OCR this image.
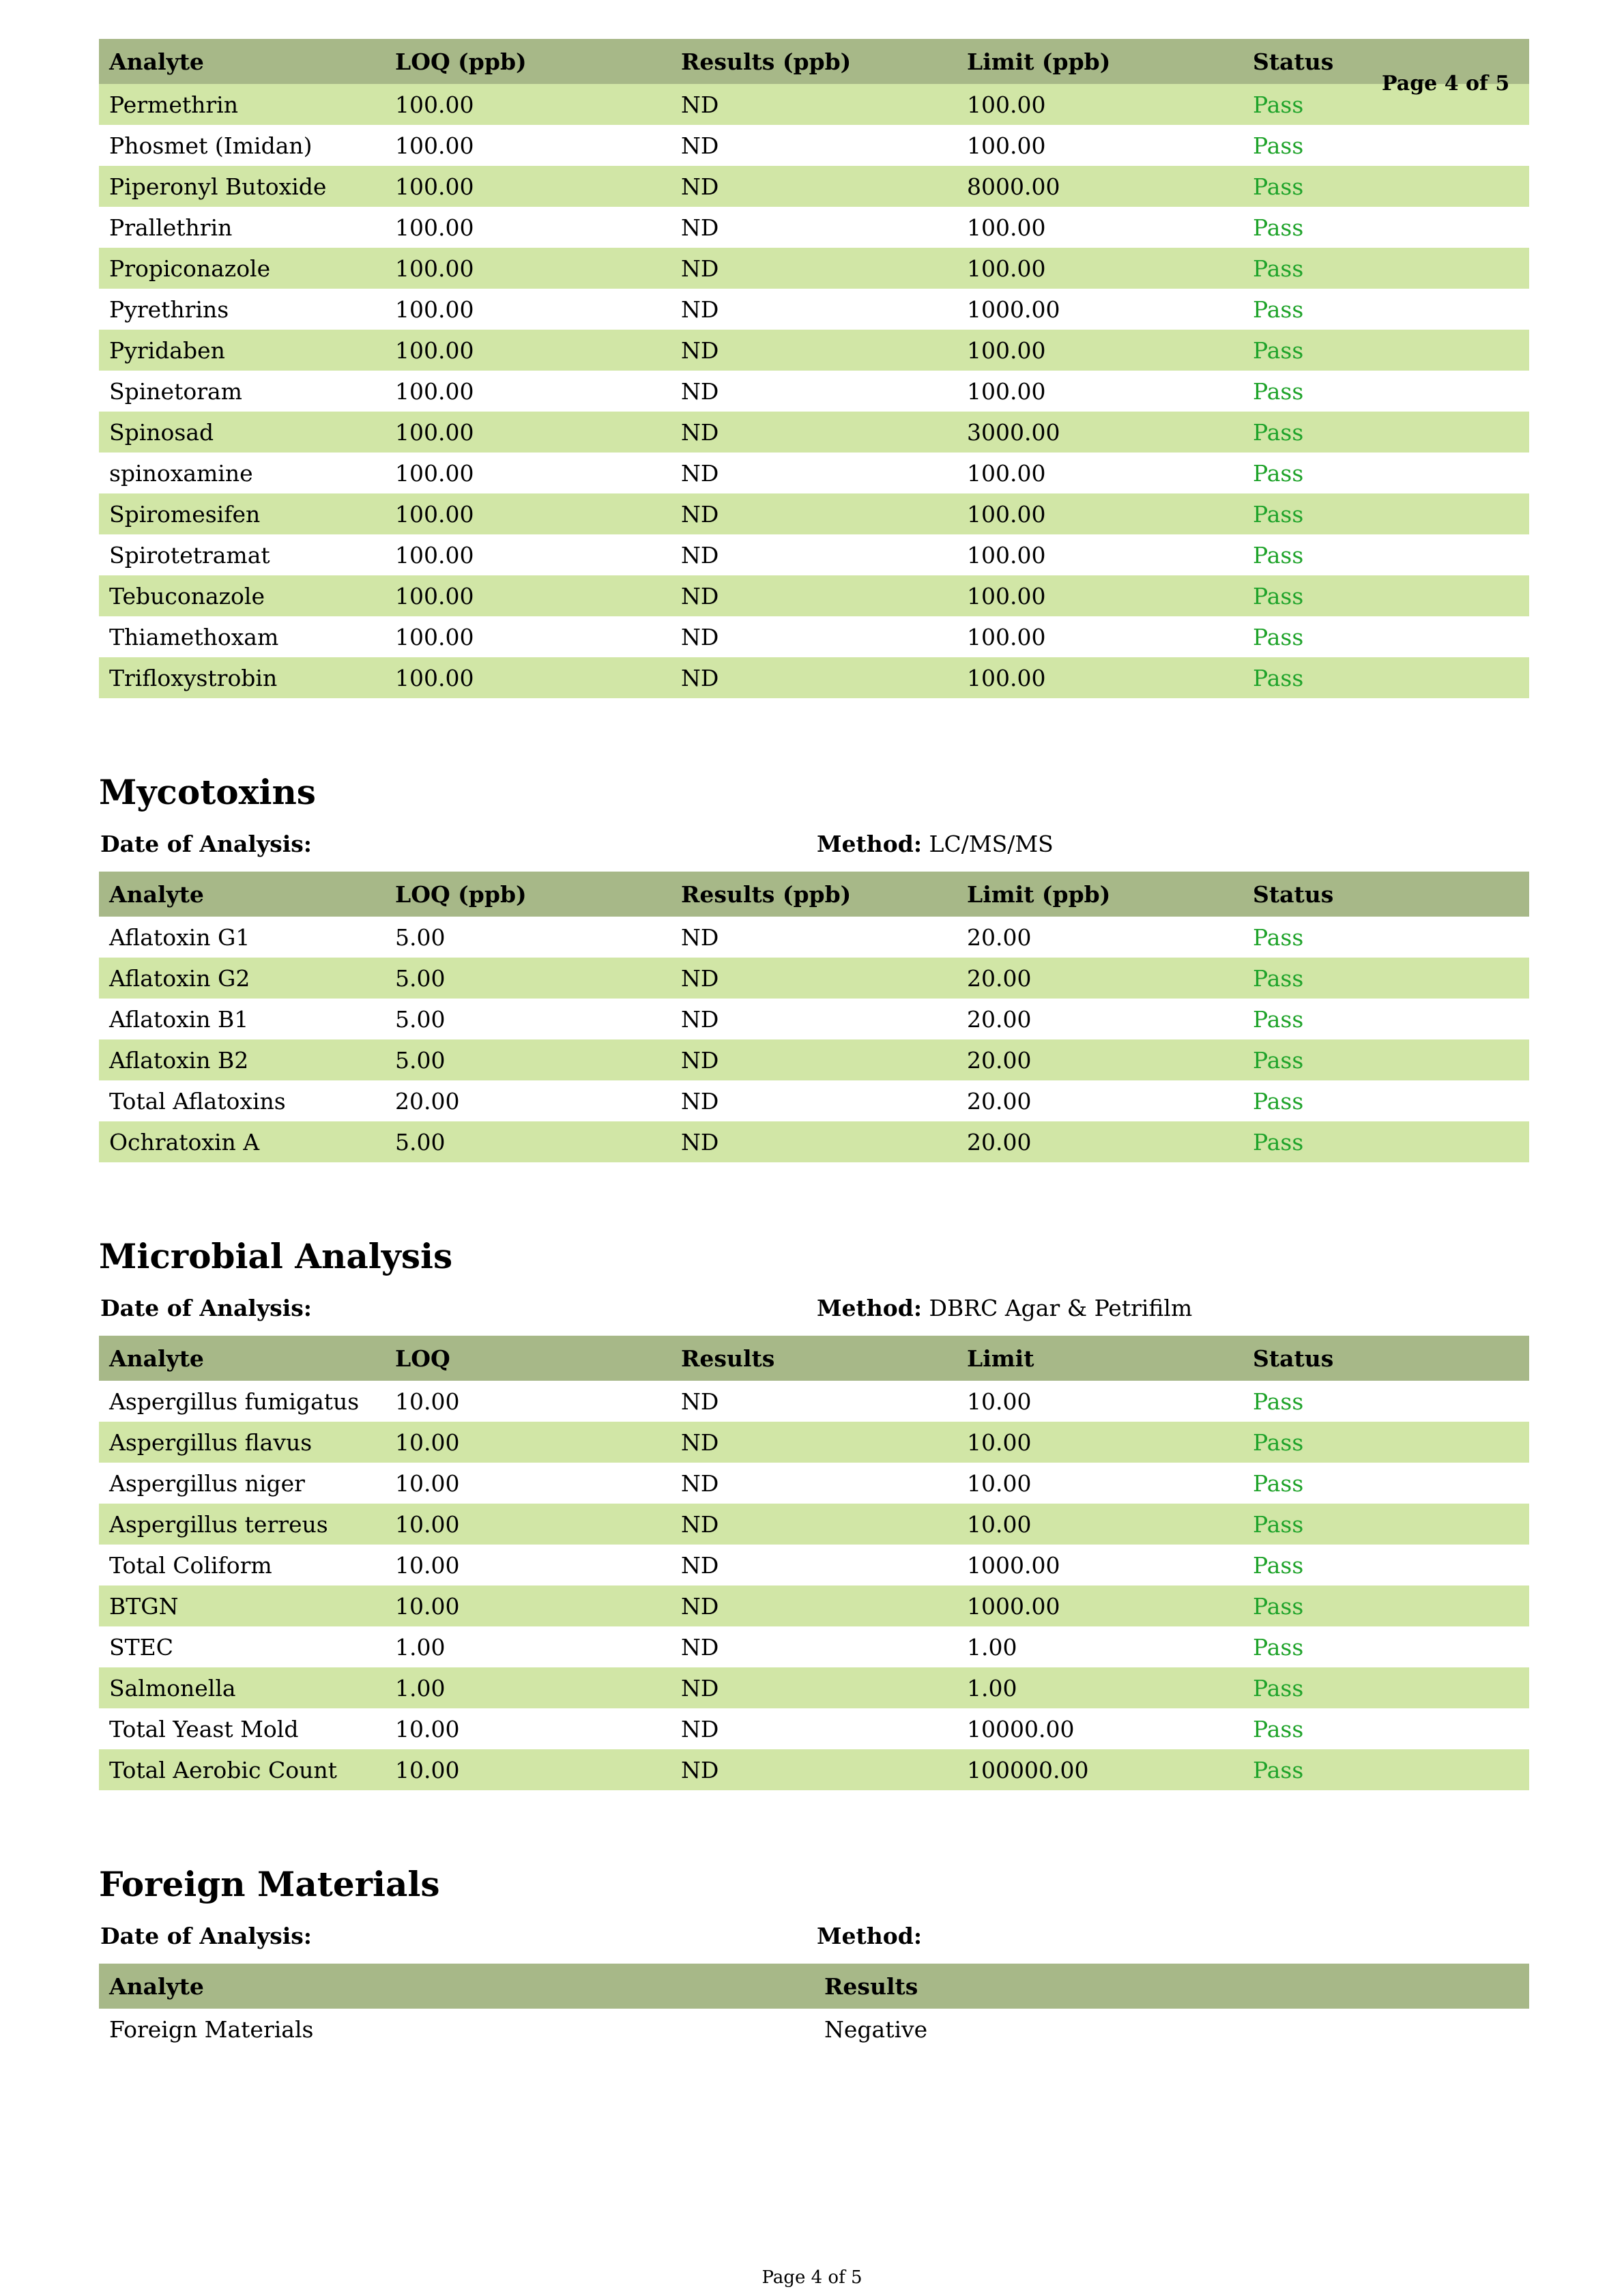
Analyte	LOQ (ppb)	Results (ppb)	Limit (ppb)	Status
Permethrin	100.00	ND	100.00	Pass
Phosmet (Imidan)	100.00	ND	100.00	Pass
Piperonyl Butoxide	100.00	ND	8000.00	Pass
Prallethrin	100.00	ND	100.00	Pass
Propiconazole	100.00	ND	100.00	Pass
Pyrethrins	100.00	ND	1000.00	Pass
Pyridaben	100.00	ND	100.00	Pass
Spinetoram	100.00	ND	100.00	Pass
Spinosad	100.00	ND	3000.00	Pass
spinoxamine	100.00	ND	100.00	Pass
Spiromesifen	100.00	ND	100.00	Pass
Spirotetramat	100.00	ND	100.00	Pass
Tebuconazole	100.00	ND	100.00	Pass
Thiamethoxam	100.00	ND	100.00	Pass
Trifloxystrobin	100.00	ND	100.00	Pass
Mycotoxins
Date of Analysis:	Method: LC/MS/MS
Analyte	LOQ (ppb)	Results (ppb)	Limit (ppb)	Status
Aflatoxin G1	5.00	ND	20.00	Pass
Aflatoxin G2	5.00	ND	20.00	Pass
Aflatoxin B1	5.00	ND	20.00	Pass
Aflatoxin B2	5.00	ND	20.00	Pass
Total Aflatoxins	20.00	ND	20.00	Pass
Ochratoxin A	5.00	ND	20.00	Pass
Microbial Analysis
Date of Analysis:	Method: DBRC Agar & Petrifilm
Analyte	LOQ	Results	Limit	Status
Aspergillus fumigatus	10.00	ND	10.00	Pass
Aspergillus flavus	10.00	ND	10.00	Pass
Aspergillus niger	10.00	ND	10.00	Pass
Aspergillus terreus	10.00	ND	10.00	Pass
Total Coliform	10.00	ND	1000.00	Pass
BTGN	10.00	ND	1000.00	Pass
STEC	1.00	ND	1.00	Pass
Salmonella	1.00	ND	1.00	Pass
Total Yeast Mold	10.00	ND	10000.00	Pass
Total Aerobic Count	10.00	ND	100000.00	Pass
Foreign Materials
Date of Analysis:	Method:
Analyte	Results
Foreign Materials	Negative
Page 4 of 5
Page 4 of 5
